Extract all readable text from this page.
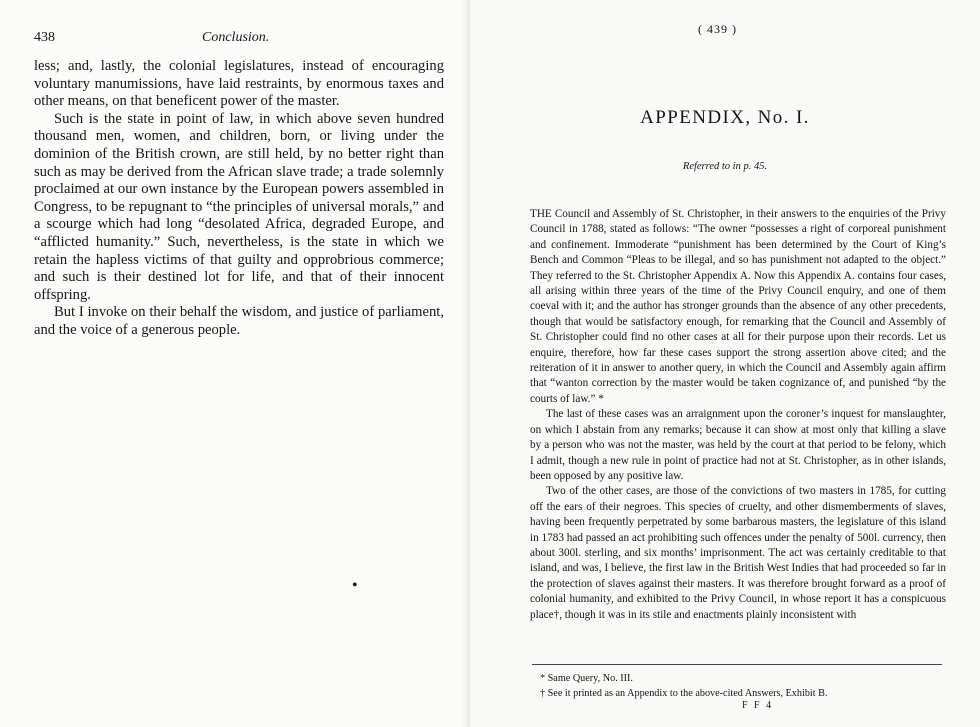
438	Conclusion.

less; and, lastly, the colonial legislatures, instead of encouraging voluntary manumissions, have laid restraints, by enormous taxes and other means, on that beneficent power of the master.

Such is the state in point of law, in which above seven hundred thousand men, women, and children, born, or living under the dominion of the British crown, are still held, by no better right than such as may be derived from the African slave trade; a trade solemnly proclaimed at our own instance by the European powers assembled in Congress, to be repugnant to “the principles of universal morals,” and a scourge which had long “desolated Africa, degraded Europe, and “afflicted humanity.” Such, nevertheless, is the state in which we retain the hapless victims of that guilty and opprobrious commerce; and such is their destined lot for life, and that of their innocent offspring.

But I invoke on their behalf the wisdom, and justice of parliament, and the voice of a generous people.

•
( 439 )
APPENDIX, No. I.
Referred to in p. 45.

THE Council and Assembly of St. Christopher, in their answers to the enquiries of the Privy Council in 1788, stated as follows: “The owner “possesses a right of corporeal punishment and confinement. Immoderate “punishment has been determined by the Court of King’s Bench and Common “Pleas to be illegal, and so has punishment not adapted to the object.” They referred to the St. Christopher Appendix A. Now this Appendix A. contains four cases, all arising within three years of the time of the Privy Council enquiry, and one of them coeval with it; and the author has stronger grounds than the absence of any other precedents, though that would be satisfactory enough, for remarking that the Council and Assembly of St. Christopher could find no other cases at all for their purpose upon their records. Let us enquire, therefore, how far these cases support the strong assertion above cited; and the reiteration of it in answer to another query, in which the Council and Assembly again affirm that “wanton correction by the master would be taken cognizance of, and punished “by the courts of law.” *

The last of these cases was an arraignment upon the coroner’s inquest for manslaughter, on which I abstain from any remarks; because it can show at most only that killing a slave by a person who was not the master, was held by the court at that period to be felony, which I admit, though a new rule in point of practice had not at St. Christopher, as in other islands, been opposed by any positive law.

Two of the other cases, are those of the convictions of two masters in 1785, for cutting off the ears of their negroes. This species of cruelty, and other dismemberments of slaves, having been frequently perpetrated by some barbarous masters, the legislature of this island in 1783 had passed an act prohibiting such offences under the penalty of 500l. currency, then about 300l. sterling, and six months’ imprisonment. The act was certainly creditable to that island, and was, I believe, the first law in the British West Indies that had proceeded so far in the protection of slaves against their masters. It was therefore brought forward as a proof of colonial humanity, and exhibited to the Privy Council, in whose report it has a conspicuous place†, though it was in its stile and enactments plainly inconsistent with

* Same Query, No. III.
† See it printed as an Appendix to the above-cited Answers, Exhibit B.
F F 4
